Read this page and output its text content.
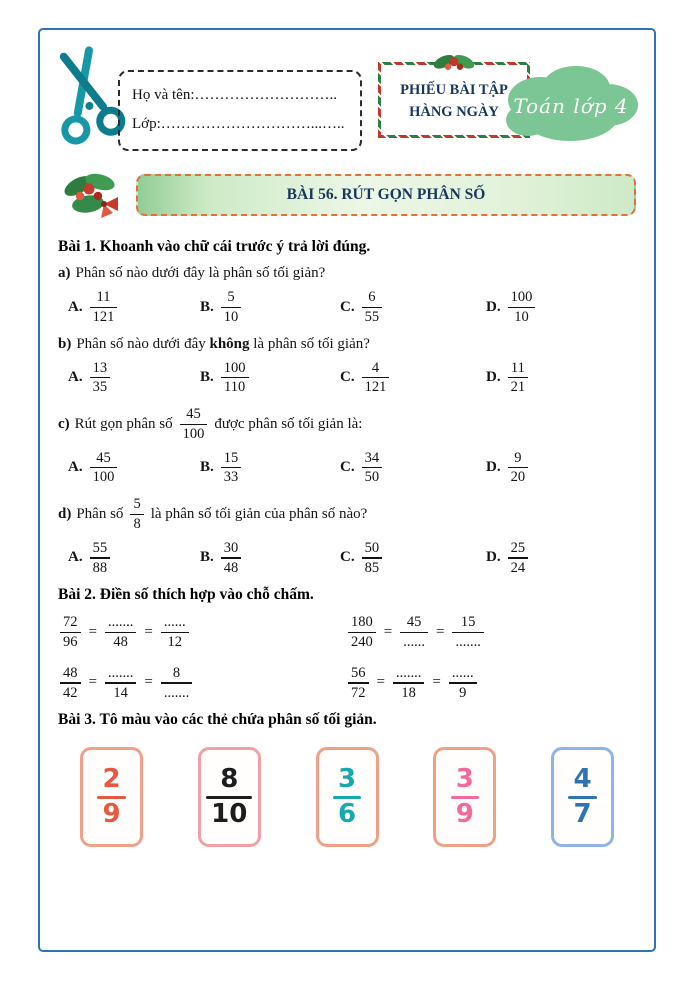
Họ và tên:………………………..
Lớp:…………………………...…..
PHIẾU BÀI TẬP
HÀNG NGÀY Toán lớp 4
BÀI 56. RÚT GỌN PHÂN SỐ
Bài 1. Khoanh vào chữ cái trước ý trả lời đúng.
a) Phân số nào dưới đây là phân số tối giản?
A. $\frac{11}{121}$	B. $\frac{5}{10}$	C. $\frac{6}{55}$	D. $\frac{100}{10}$
b) Phân số nào dưới đây không là phân số tối giản?
A. $\frac{13}{35}$	B. $\frac{100}{110}$	C. $\frac{4}{121}$	D. $\frac{11}{21}$
c) Rút gọn phân số $\frac{45}{100}$ được phân số tối giản là:
A. $\frac{45}{100}$	B. $\frac{15}{33}$	C. $\frac{34}{50}$	D. $\frac{9}{20}$
d) Phân số $\frac{5}{8}$ là phân số tối giản của phân số nào?
A. $\frac{55}{88}$	B. $\frac{30}{48}$	C. $\frac{50}{85}$	D. $\frac{25}{24}$
Bài 2. Điền số thích hợp vào chỗ chấm.
$\frac{72}{96} = \frac{.......}{48} = \frac{......}{12}$	$\frac{180}{240} = \frac{45}{......} = \frac{15}{.......}$
$\frac{48}{42} = \frac{.......}{14} = \frac{8}{.......}$	$\frac{56}{72} = \frac{.......}{18} = \frac{......}{9}$
Bài 3. Tô màu vào các thẻ chứa phân số tối giản.
$\frac{2}{9}$	$\frac{8}{10}$	$\frac{3}{6}$	$\frac{3}{9}$	$\frac{4}{7}$
